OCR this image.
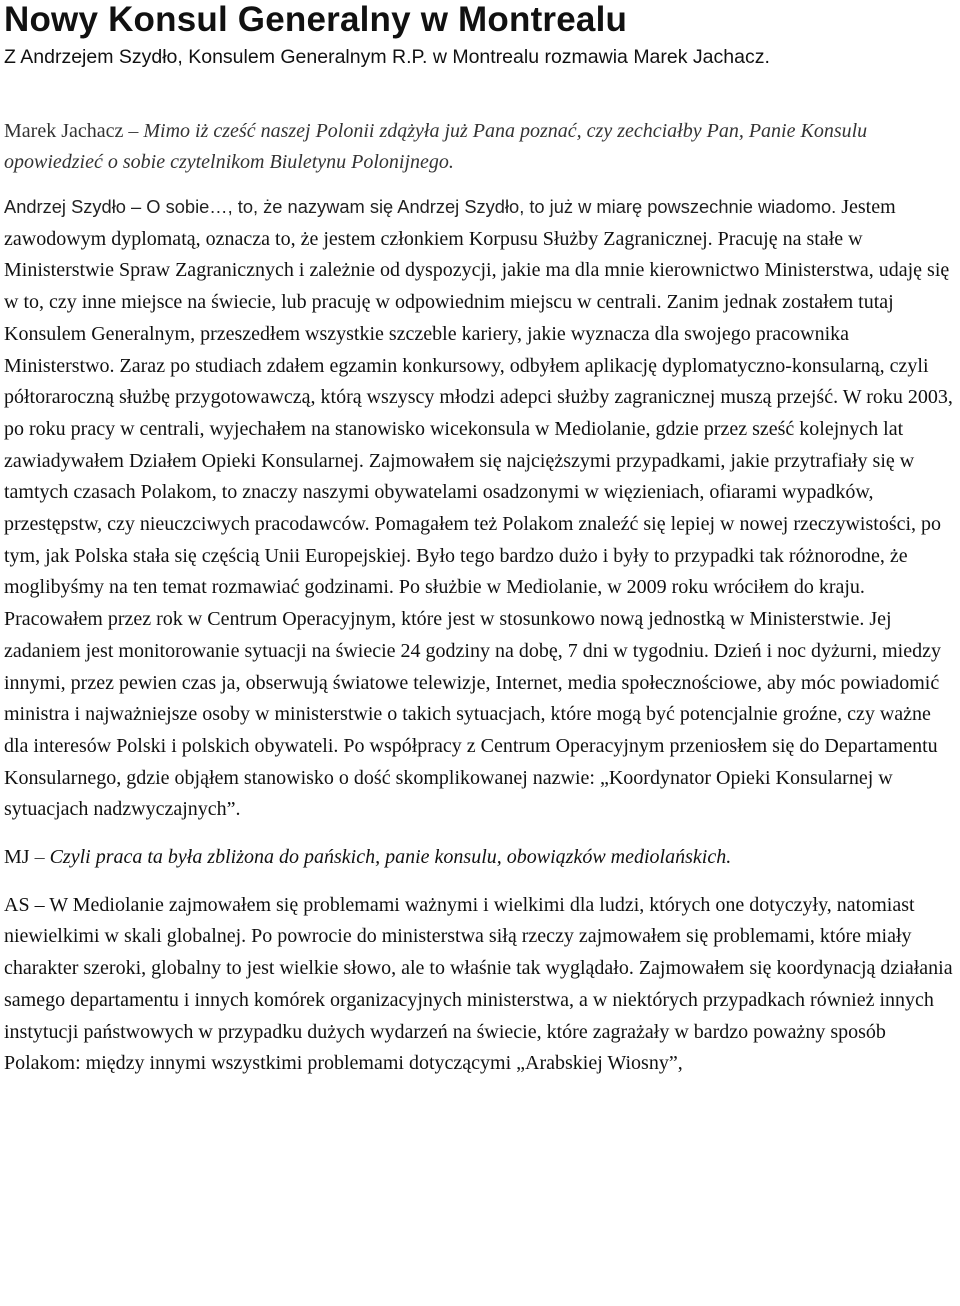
Nowy Konsul Generalny w Montrealu

Z Andrzejem Szydło, Konsulem Generalnym R.P. w Montrealu rozmawia Marek Jachacz.

Marek Jachacz – Mimo iż cześć naszej Polonii zdążyła już Pana poznać, czy zechciałby Pan, Panie Konsulu opowiedzieć o sobie czytelnikom Biuletynu Polonijnego.

Andrzej Szydło – O sobie…, to, że nazywam się Andrzej Szydło, to już w miarę powszechnie wiadomo. Jestem zawodowym dyplomatą, oznacza to, że jestem członkiem Korpusu Służby Zagranicznej. Pracuję na stałe w Ministerstwie Spraw Zagranicznych i zależnie od dyspozycji, jakie ma dla mnie kierownictwo Ministerstwa, udaję się w to, czy inne miejsce na świecie, lub pracuję w odpowiednim miejscu w centrali. Zanim jednak zostałem tutaj Konsulem Generalnym, przeszedłem wszystkie szczeble kariery, jakie wyznacza dla swojego pracownika Ministerstwo. Zaraz po studiach zdałem egzamin konkursowy, odbyłem aplikację dyplomatyczno-konsularną, czyli półtoraroczną służbę przygotowawczą, którą wszyscy młodzi adepci służby zagranicznej muszą przejść. W roku 2003, po roku pracy w centrali, wyjechałem na stanowisko wicekonsula w Mediolanie, gdzie przez sześć kolejnych lat zawiadywałem Działem Opieki Konsularnej. Zajmowałem się najcięższymi przypadkami, jakie przytrafiały się w tamtych czasach Polakom, to znaczy naszymi obywatelami osadzonymi w więzieniach, ofiarami wypadków, przestępstw, czy nieuczciwych pracodawców. Pomagałem też Polakom znaleźć się lepiej w nowej rzeczywistości, po tym, jak Polska stała się częścią Unii Europejskiej. Było tego bardzo dużo i były to przypadki tak różnorodne, że moglibyśmy na ten temat rozmawiać godzinami. Po służbie w Mediolanie, w 2009 roku wróciłem do kraju. Pracowałem przez rok w Centrum Operacyjnym, które jest w stosunkowo nową jednostką w Ministerstwie. Jej zadaniem jest monitorowanie sytuacji na świecie 24 godziny na dobę, 7 dni w tygodniu. Dzień i noc dyżurni, miedzy innymi, przez pewien czas ja, obserwują światowe telewizje, Internet, media społecznościowe, aby móc powiadomić ministra i najważniejsze osoby w ministerstwie o takich sytuacjach, które mogą być potencjalnie groźne, czy ważne dla interesów Polski i polskich obywateli. Po współpracy z Centrum Operacyjnym przeniosłem się do Departamentu Konsularnego, gdzie objąłem stanowisko o dość skomplikowanej nazwie: „Koordynator Opieki Konsularnej w sytuacjach nadzwyczajnych”.

MJ – Czyli praca ta była zbliżona do pańskich, panie konsulu, obowiązków mediolańskich.

AS – W Mediolanie zajmowałem się problemami ważnymi i wielkimi dla ludzi, których one dotyczyły, natomiast niewielkimi w skali globalnej. Po powrocie do ministerstwa siłą rzeczy zajmowałem się problemami, które miały charakter szeroki, globalny to jest wielkie słowo, ale to właśnie tak wyglądało. Zajmowałem się koordynacją działania samego departamentu i innych komórek organizacyjnych ministerstwa, a w niektórych przypadkach również innych instytucji państwowych w przypadku dużych wydarzeń na świecie, które zagrażały w bardzo poważny sposób Polakom: między innymi wszystkimi problemami dotyczącymi „Arabskiej Wiosny”,
